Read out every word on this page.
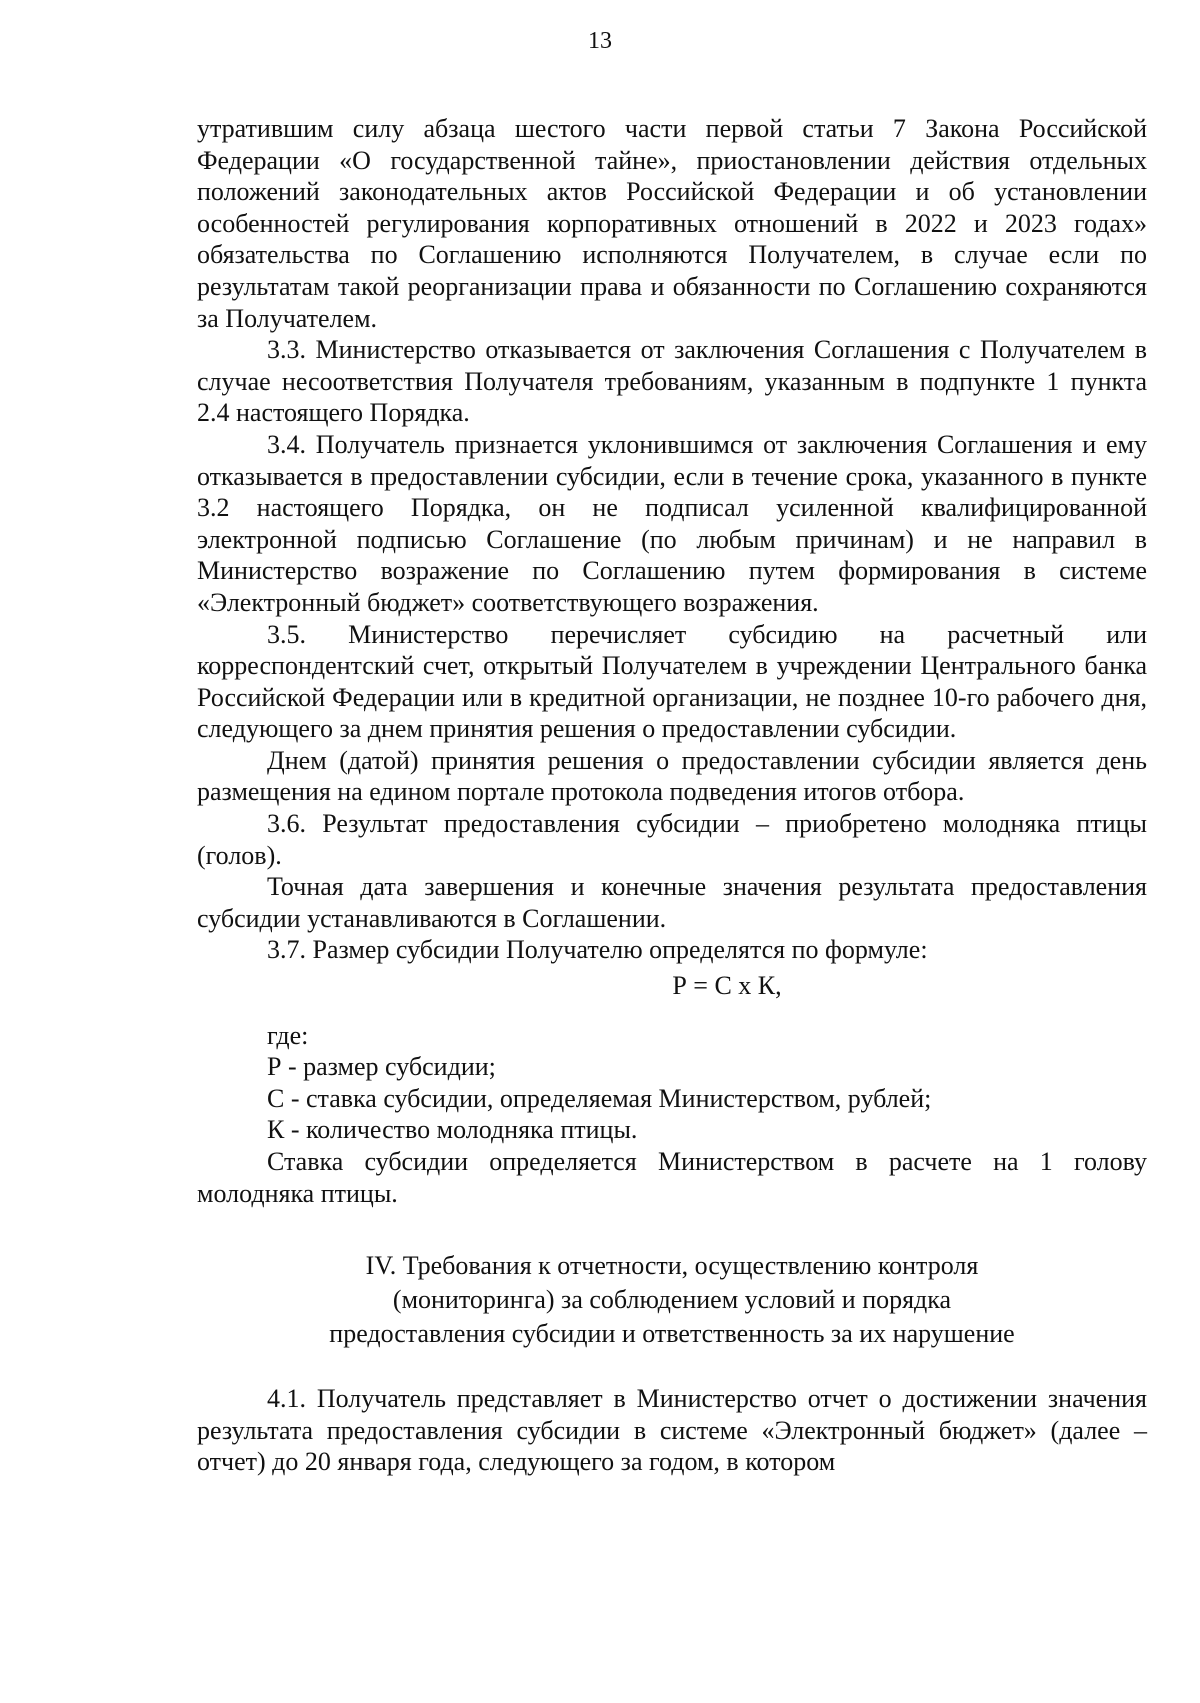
13

утратившим силу абзаца шестого части первой статьи 7 Закона Российской Федерации «О государственной тайне», приостановлении действия отдельных положений законодательных актов Российской Федерации и об установлении особенностей регулирования корпоративных отношений в 2022 и 2023 годах» обязательства по Соглашению исполняются Получателем, в случае если по результатам такой реорганизации права и обязанности по Соглашению сохраняются за Получателем.

3.3. Министерство отказывается от заключения Соглашения с Получателем в случае несоответствия Получателя требованиям, указанным в подпункте 1 пункта 2.4 настоящего Порядка.

3.4. Получатель признается уклонившимся от заключения Соглашения и ему отказывается в предоставлении субсидии, если в течение срока, указанного в пункте 3.2 настоящего Порядка, он не подписал усиленной квалифицированной электронной подписью Соглашение (по любым причинам) и не направил в Министерство возражение по Соглашению путем формирования в системе «Электронный бюджет» соответствующего возражения.

3.5. Министерство перечисляет субсидию на расчетный или корреспондентский счет, открытый Получателем в учреждении Центрального банка Российской Федерации или в кредитной организации, не позднее 10-го рабочего дня, следующего за днем принятия решения о предоставлении субсидии.

Днем (датой) принятия решения о предоставлении субсидии является день размещения на едином портале протокола подведения итогов отбора.

3.6. Результат предоставления субсидии – приобретено молодняка птицы (голов).

Точная дата завершения и конечные значения результата предоставления субсидии устанавливаются в Соглашении.

3.7. Размер субсидии Получателю определятся по формуле:

Р = С х К,

где:

Р - размер субсидии;

С - ставка субсидии, определяемая Министерством, рублей;

К - количество молодняка птицы.

Ставка субсидии определяется Министерством в расчете на 1 голову молодняка птицы.

IV. Требования к отчетности, осуществлению контроля
(мониторинга) за соблюдением условий и порядка
предоставления субсидии и ответственность за их нарушение

4.1. Получатель представляет в Министерство отчет о достижении значения результата предоставления субсидии в системе «Электронный бюджет» (далее – отчет) до 20 января года, следующего за годом, в котором
